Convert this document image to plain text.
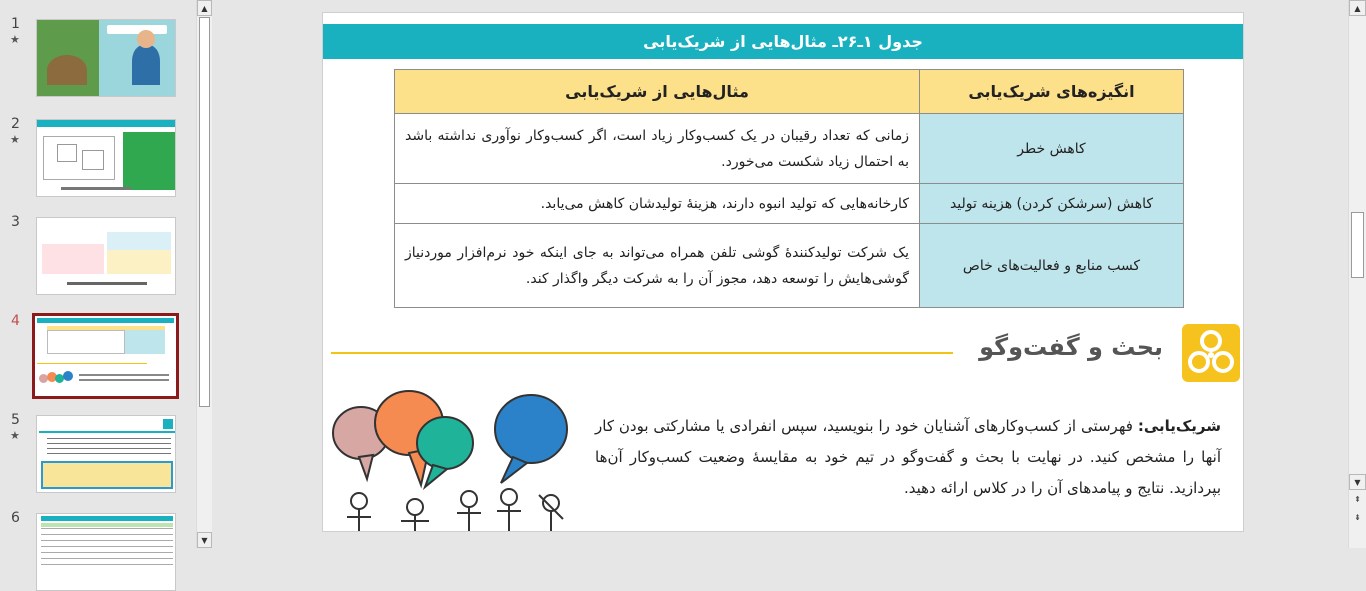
1
★
2
★
3
4
5
★
6
▲
▼
جدول ۱ـ۲۶ـ مثال‌هایی از شریک‌یابی
انگیزه‌های شریک‌یابی	مثال‌هایی از شریک‌یابی
کاهش خطر	زمانی که تعداد رقیبان در یک کسب‌وکار زیاد است، اگر کسب‌وکار نوآوری نداشته باشد به احتمال زیاد شکست می‌خورد.
کاهش (سرشکن کردن) هزینه تولید	کارخانه‌هایی که تولید انبوه دارند، هزینهٔ تولیدشان کاهش می‌یابد.
کسب منابع و فعالیت‌های خاص	یک شرکت تولیدکنندهٔ گوشی تلفن همراه می‌تواند به جای اینکه خود نرم‌افزار موردنیاز گوشی‌هایش را توسعه دهد، مجوز آن را به شرکت دیگر واگذار کند.
بحث و گفت‌وگو
شریک‌یابی: فهرستی از کسب‌وکارهای آشنایان خود را بنویسید، سپس انفرادی یا مشارکتی بودن کار آنها را مشخص کنید. در نهایت با بحث و گفت‌وگو در تیم خود به مقایسهٔ وضعیت کسب‌وکار آن‌ها بپردازید. نتایج و پیامدهای آن را در کلاس ارائه دهید.
▲
▼
⇞
⇟
